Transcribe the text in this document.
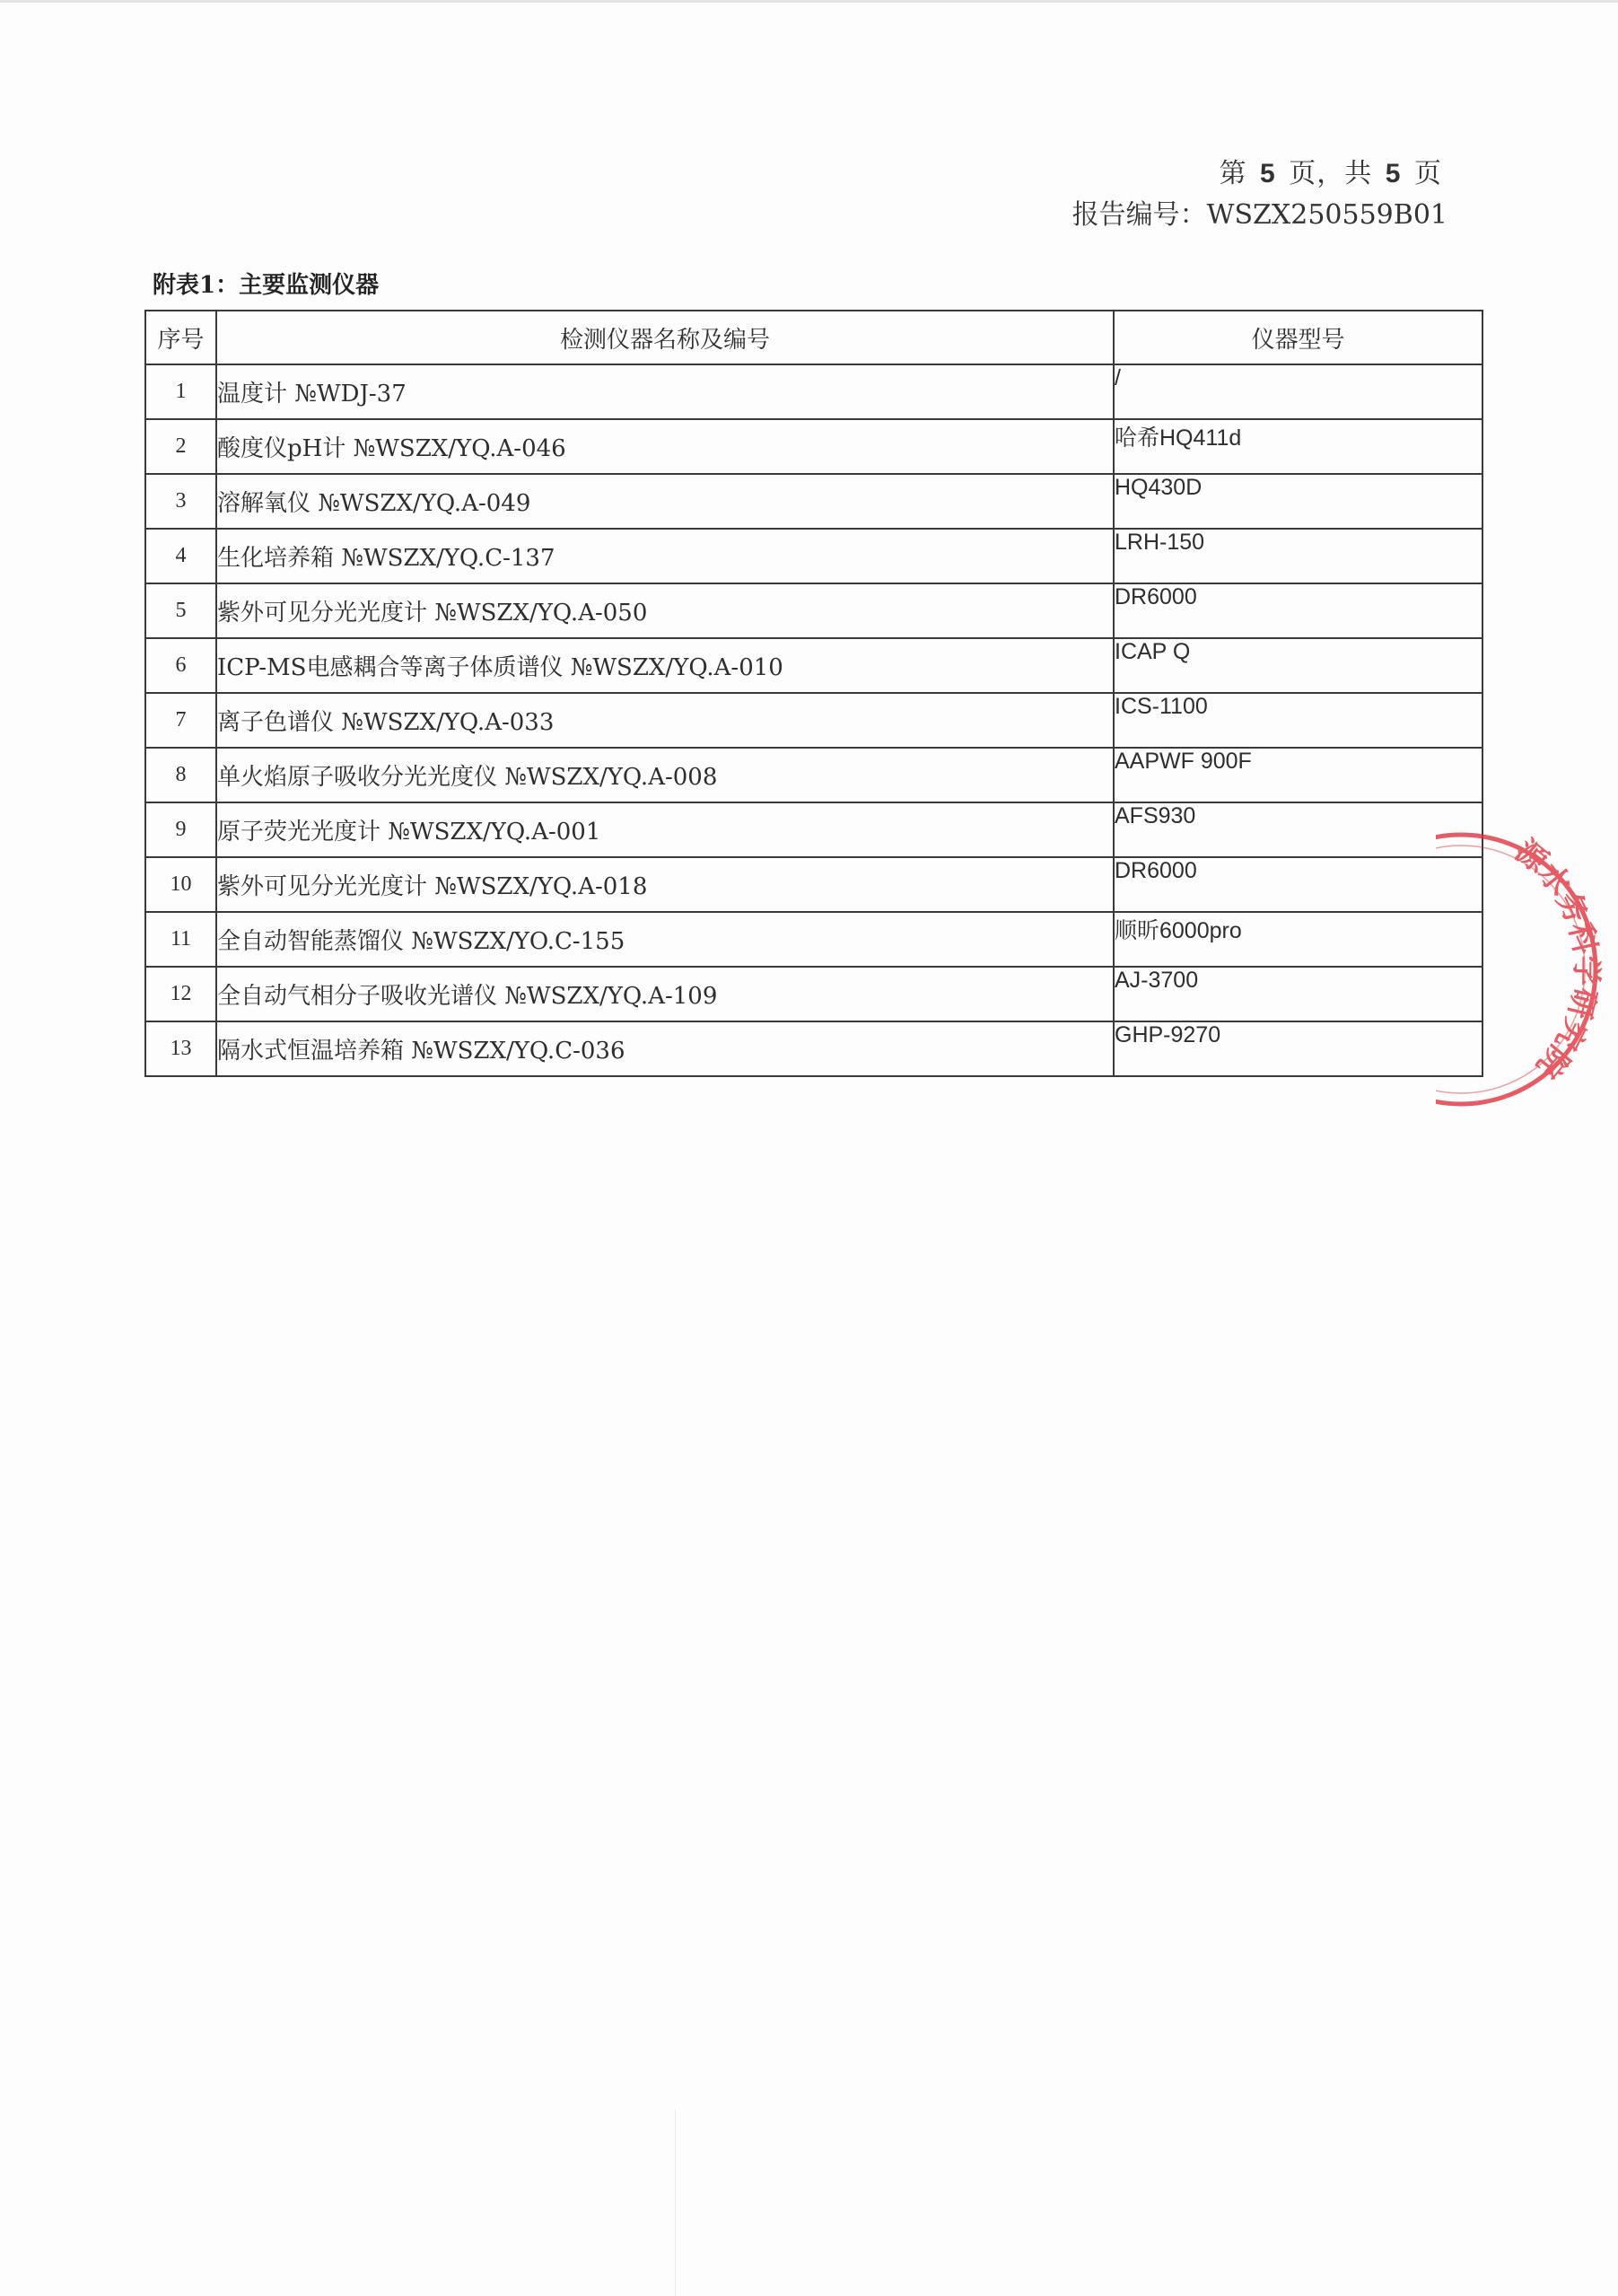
第 5 页，共 5 页
报告编号：WSZX250559B01
附表1：主要监测仪器
序号	检测仪器名称及编号	仪器型号
1	温度计 №WDJ-37	/
2	酸度仪pH计 №WSZX/YQ.A-046	哈希HQ411d
3	溶解氧仪 №WSZX/YQ.A-049	HQ430D
4	生化培养箱 №WSZX/YQ.C-137	LRH-150
5	紫外可见分光光度计 №WSZX/YQ.A-050	DR6000
6	ICP-MS电感耦合等离子体质谱仪 №WSZX/YQ.A-010	ICAP Q
7	离子色谱仪 №WSZX/YQ.A-033	ICS-1100
8	单火焰原子吸收分光光度仪 №WSZX/YQ.A-008	AAPWF 900F
9	原子荧光光度计 №WSZX/YQ.A-001	AFS930
10	紫外可见分光光度计 №WSZX/YQ.A-018	DR6000
11	全自动智能蒸馏仪 №WSZX/YO.C-155	顺昕6000pro
12	全自动气相分子吸收光谱仪 №WSZX/YQ.A-109	AJ-3700
13	隔水式恒温培养箱 №WSZX/YQ.C-036	GHP-9270
源水务科学研究院
